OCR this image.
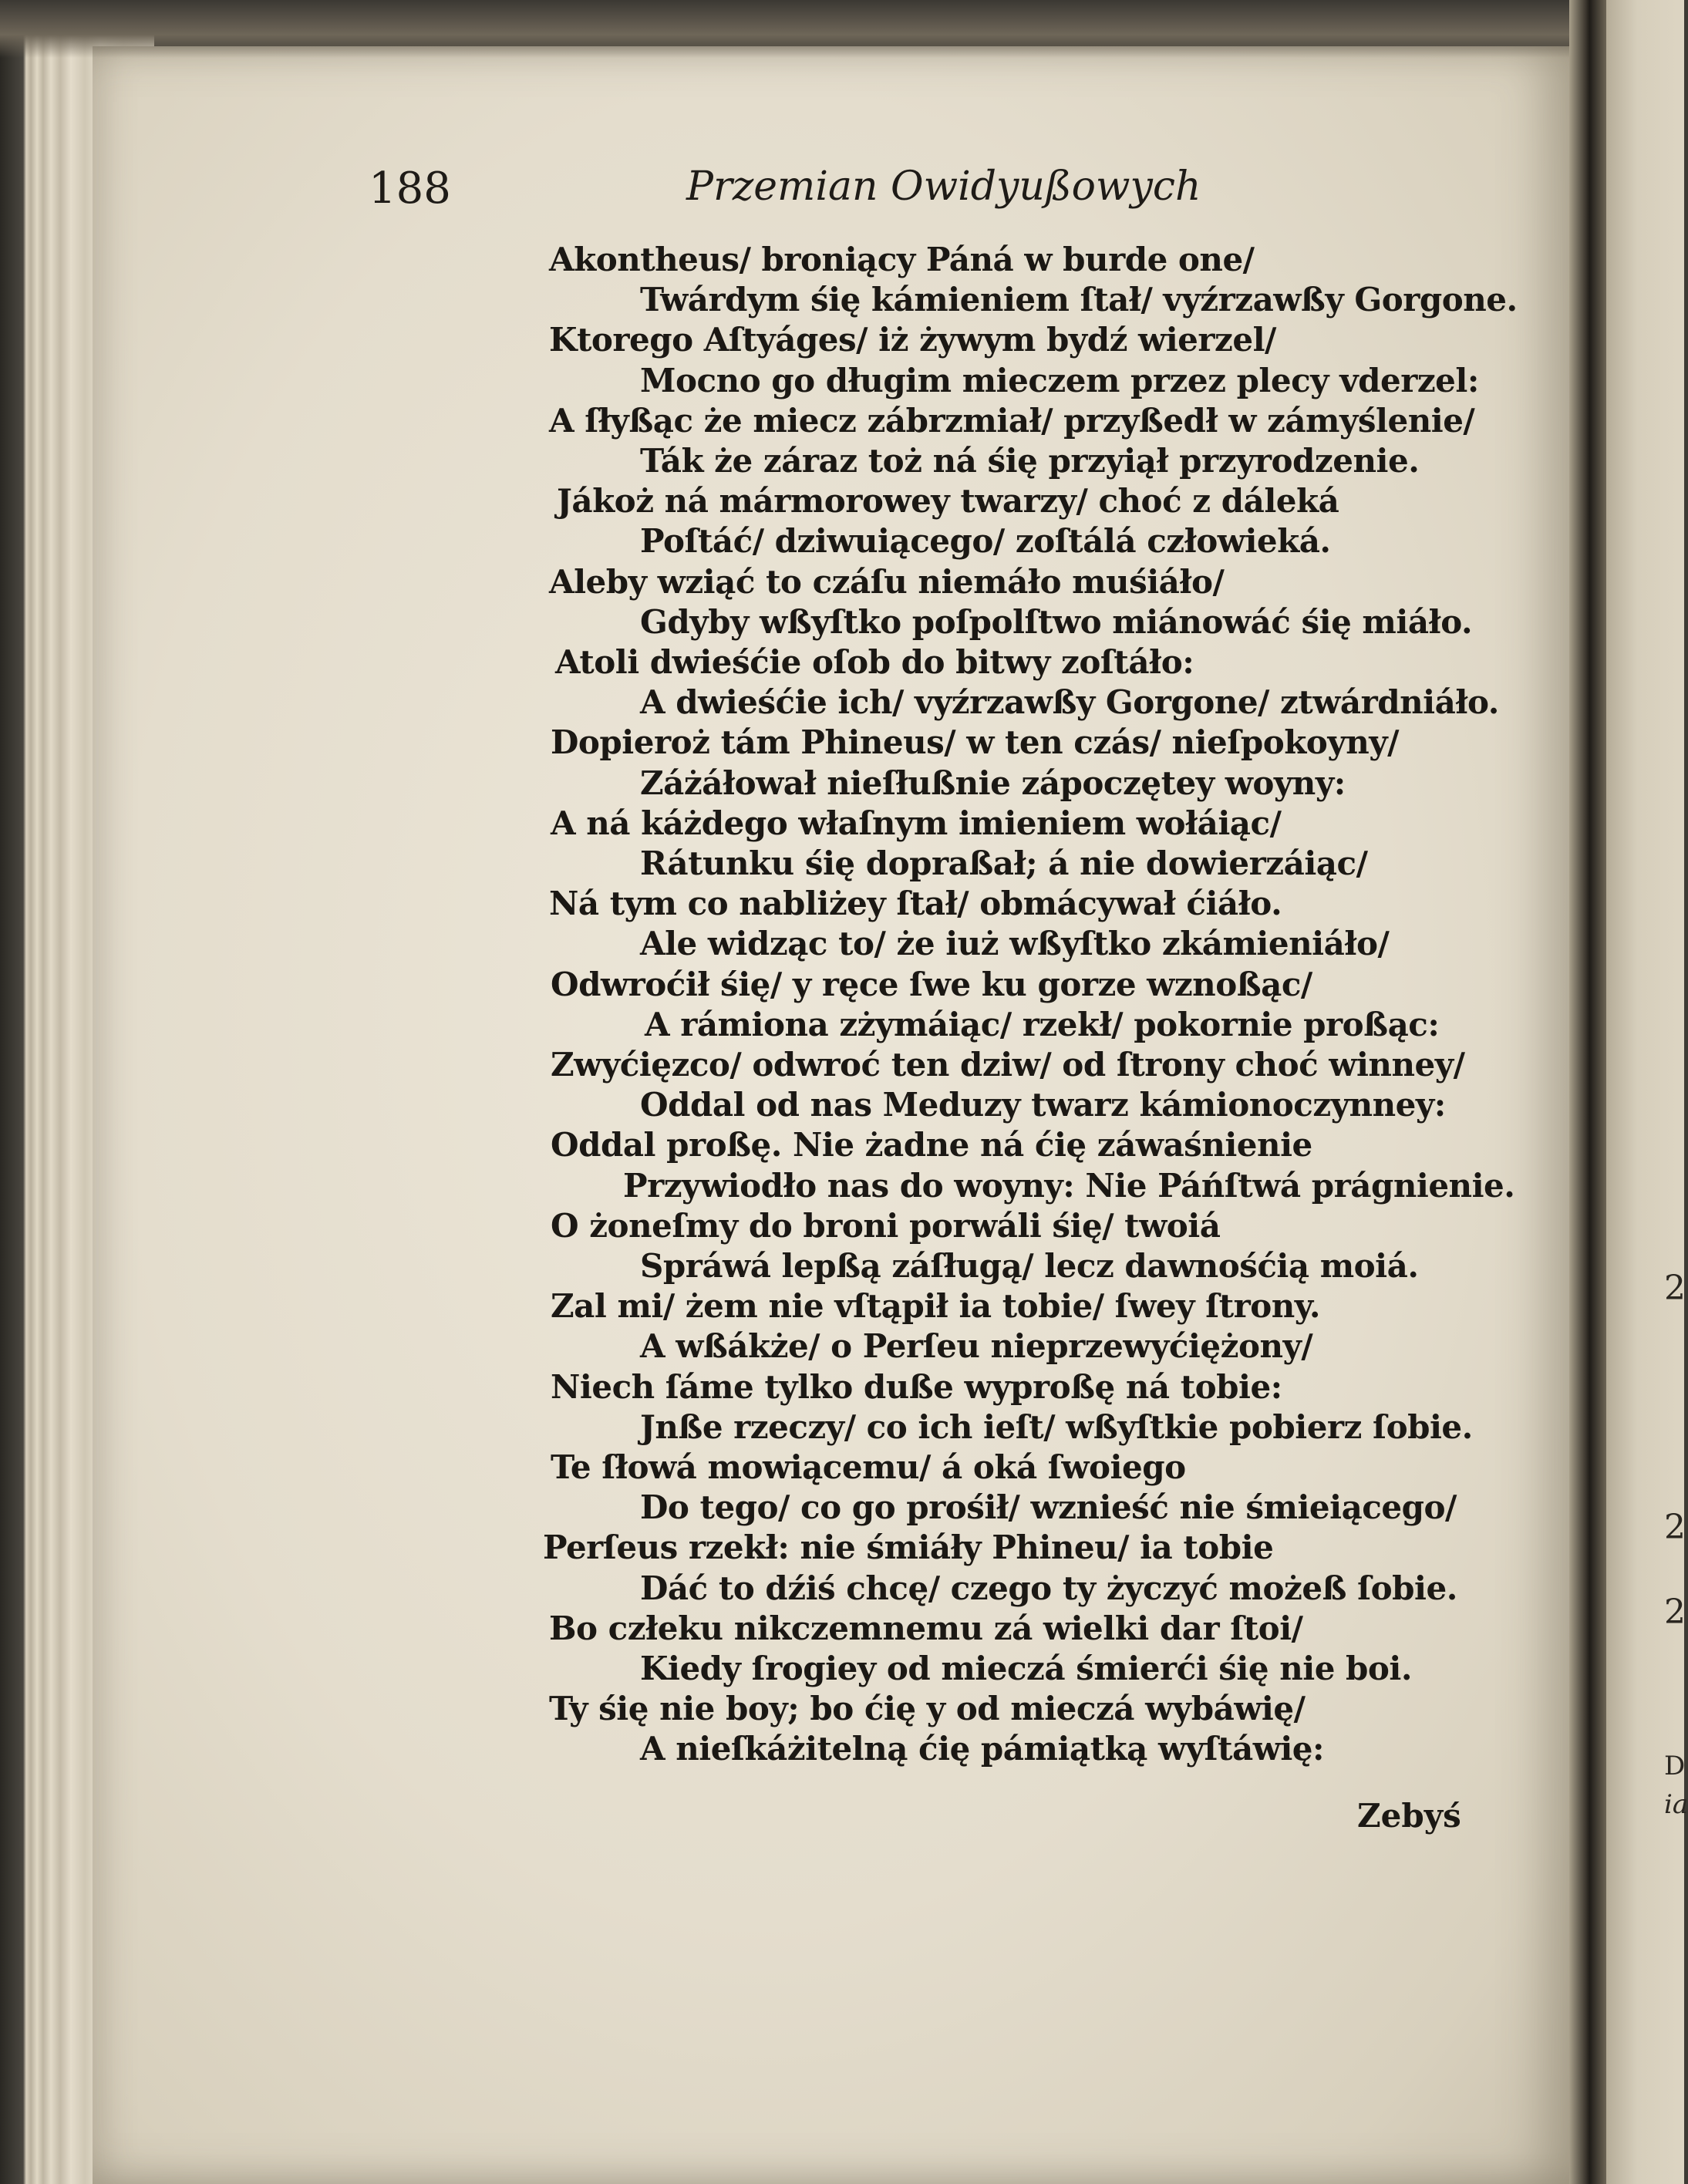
2
2
2
D
ia
188	Przemian Owidyußowych
Akontheus/ broniący Páná w burde one/
Twárdym śię kámieniem ſtał/ vyźrzawßy Gorgone.
Ktorego Aſtyáges/ iż żywym bydź wierzel/
Mocno go długim mieczem przez plecy vderzel:
A ſłyßąc że miecz zábrzmiał/ przyßedł w zámyślenie/
Ták że záraz toż ná śię przyiął przyrodzenie.
Jákoż ná mármorowey twarzy/ choć z dáleká
Poſtáć/ dziwuiącego/ zoſtálá człowieká.
Aleby wziąć to czáſu niemáło muśiáło/
Gdyby wßyſtko poſpolſtwo miánowáć śię miáło.
Atoli dwieśćie oſob do bitwy zoſtáło:
A dwieśćie ich/ vyźrzawßy Gorgone/ ztwárdniáło.
Dopieroż tám Phineus/ w ten czás/ nieſpokoyny/
Záżáłował nieſłußnie zápoczętey woyny:
A ná káżdego właſnym imieniem wołáiąc/
Rátunku śię dopraßał; á nie dowierzáiąc/
Ná tym co nabliżey ſtał/ obmácywał ćiáło.
Ale widząc to/ że iuż wßyſtko zkámieniáło/
Odwroćił śię/ y ręce ſwe ku gorze wznoßąc/
A rámiona zżymáiąc/ rzekł/ pokornie proßąc:
Zwyćięzco/ odwroć ten dziw/ od ſtrony choć winney/
Oddal od nas Meduzy twarz kámionoczynney:
Oddal proßę. Nie żadne ná ćię záwaśnienie
Przywiodło nas do woyny: Nie Páńſtwá prágnienie.
O żoneſmy do broni porwáli śię/ twoiá
Spráwá lepßą záſługą/ lecz dawnośćią moiá.
Zal mi/ żem nie vſtąpił ia tobie/ ſwey ſtrony.
A wßákże/ o Perſeu nieprzewyćiężony/
Niech ſáme tylko duße wyproßę ná tobie:
Jnße rzeczy/ co ich ieſt/ wßyſtkie pobierz ſobie.
Te ſłowá mowiącemu/ á oká ſwoiego
Do tego/ co go prośił/ wznieść nie śmieiącego/
Perſeus rzekł: nie śmiáły Phineu/ ia tobie
Dáć to dźiś chcę/ czego ty życzyć możeß ſobie.
Bo człeku nikczemnemu zá wielki dar ſtoi/
Kiedy ſrogiey od mieczá śmierći śię nie boi.
Ty śię nie boy; bo ćię y od mieczá wybáwię/
A nieſkáżitelną ćię pámiątką wyſtáwię:
Zebyś
